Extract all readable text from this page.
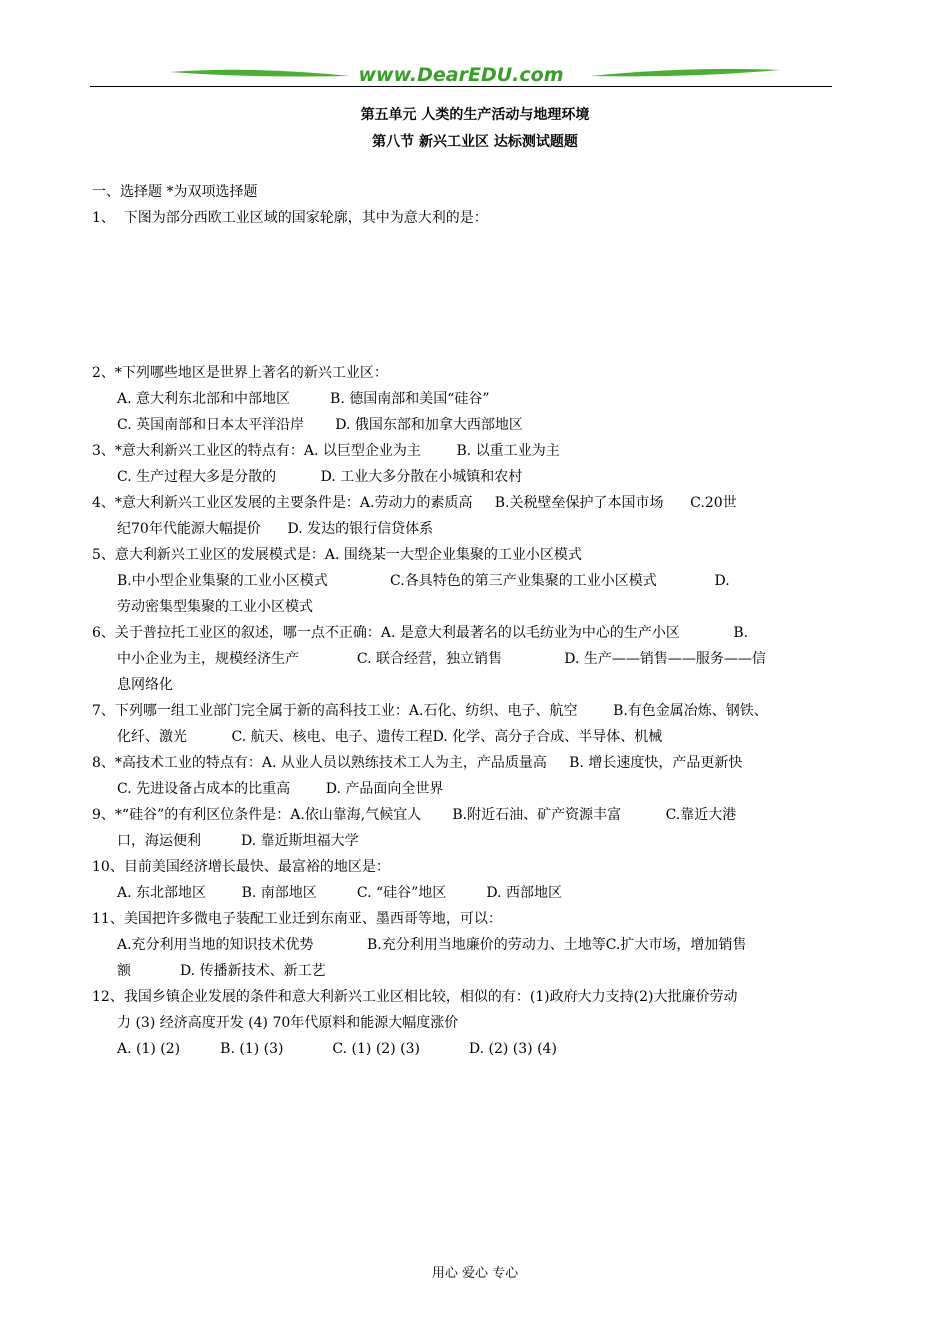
www.DearEDU.com
第五单元 人类的生产活动与地理环境
第八节 新兴工业区 达标测试题题
一、选择题 *为双项选择题
1、  下图为部分西欧工业区域的国家轮廓，其中为意大利的是：
2、*下列哪些地区是世界上著名的新兴工业区：
A. 意大利东北部和中部地区         B. 德国南部和美国“硅谷”
C. 英国南部和日本太平洋沿岸       D. 俄国东部和加拿大西部地区
3、*意大利新兴工业区的特点有：A. 以巨型企业为主        B. 以重工业为主
C. 生产过程大多是分散的          D. 工业大多分散在小城镇和农村
4、*意大利新兴工业区发展的主要条件是：A.劳动力的素质高     B.关税壁垒保护了本国市场      C.20世
纪70年代能源大幅提价      D. 发达的银行信贷体系
5、意大利新兴工业区的发展模式是：A. 围绕某一大型企业集聚的工业小区模式
B.中小型企业集聚的工业小区模式              C.各具特色的第三产业集聚的工业小区模式             D.
劳动密集型集聚的工业小区模式
6、关于普拉托工业区的叙述，哪一点不正确：A. 是意大利最著名的以毛纺业为中心的生产小区            B.
中小企业为主，规模经济生产             C. 联合经营，独立销售              D. 生产——销售——服务——信
息网络化
7、下列哪一组工业部门完全属于新的高科技工业：A.石化、纺织、电子、航空        B.有色金属冶炼、钢铁、
化纤、激光          C. 航天、核电、电子、遗传工程D. 化学、高分子合成、半导体、机械
8、*高技术工业的特点有：A. 从业人员以熟练技术工人为主，产品质量高     B. 增长速度快，产品更新快
C. 先进设备占成本的比重高        D. 产品面向全世界
9、*“硅谷”的有利区位条件是：A.依山靠海,气候宜人       B.附近石油、矿产资源丰富          C.靠近大港
口，海运便利         D. 靠近斯坦福大学
10、目前美国经济增长最快、最富裕的地区是：
A. 东北部地区        B. 南部地区         C. “硅谷”地区         D. 西部地区
11、美国把许多微电子装配工业迁到东南亚、墨西哥等地，可以：
A.充分利用当地的知识技术优势            B.充分利用当地廉价的劳动力、土地等C.扩大市场，增加销售
额           D. 传播新技术、新工艺
12、我国乡镇企业发展的条件和意大利新兴工业区相比较，相似的有：(1)政府大力支持(2)大批廉价劳动
力 (3) 经济高度开发 (4) 70年代原料和能源大幅度涨价
A. (1) (2)         B. (1) (3)           C. (1) (2) (3)           D. (2) (3) (4)
用心 爱心 专心
